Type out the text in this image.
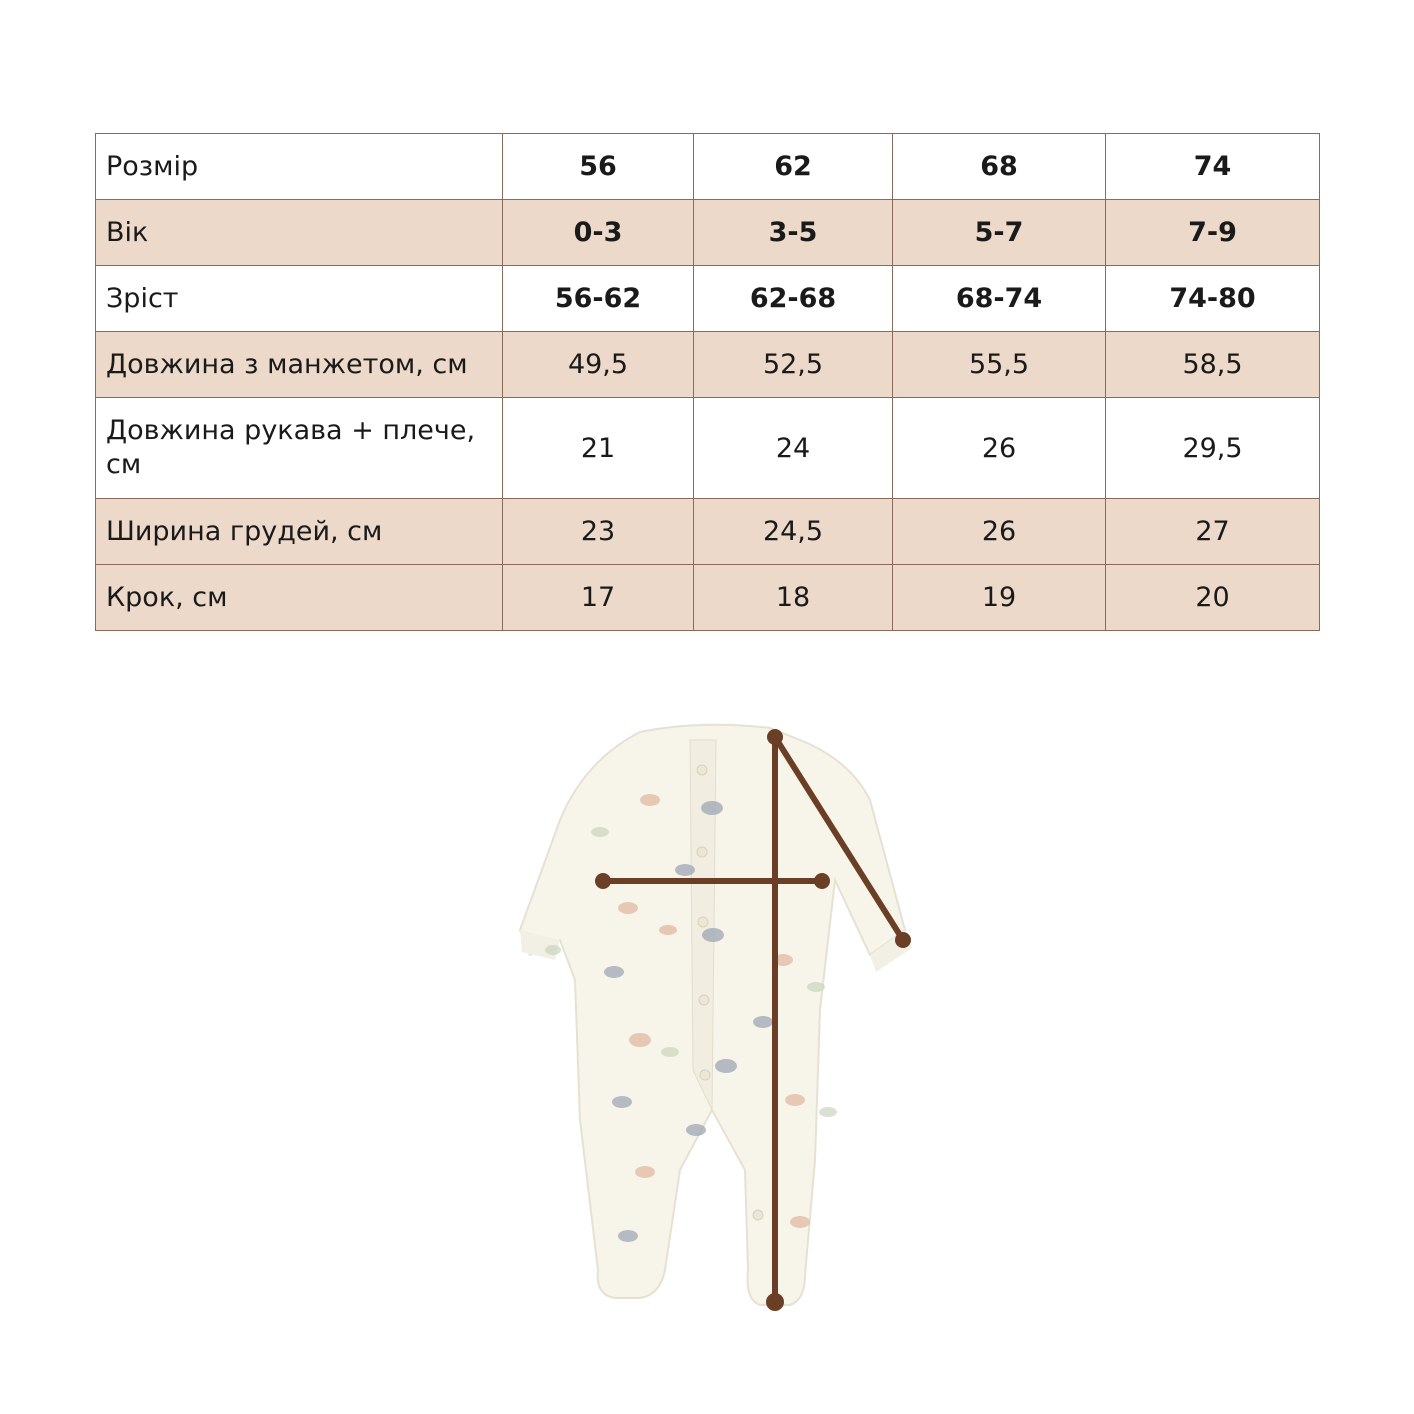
Розмір	56	62	68	74
Вік	0-3	3-5	5-7	7-9
Зріст	56-62	62-68	68-74	74-80
Довжина з манжетом, см	49,5	52,5	55,5	58,5
Довжина рукава + плече, см	21	24	26	29,5
Ширина грудей, см	23	24,5	26	27
Крок, см	17	18	19	20
